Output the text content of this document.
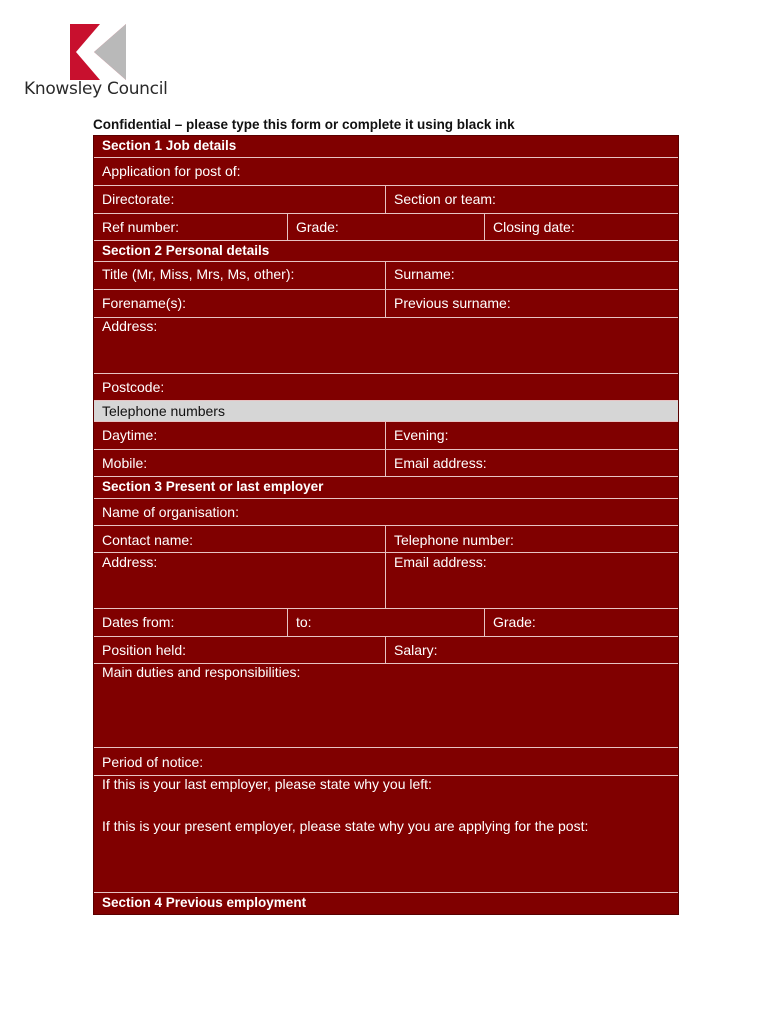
Knowsley Council
Confidential – please type this form or complete it using black ink
Section 1 Job details
Application for post of:
Directorate:	Section or team:
Ref number:	Grade:	Closing date:
Section 2 Personal details
Title (Mr, Miss, Mrs, Ms, other):	Surname:
Forename(s):	Previous surname:
Address:
Postcode:
Telephone numbers
Daytime:	Evening:
Mobile:	Email address:
Section 3 Present or last employer
Name of organisation:
Contact name:	Telephone number:
Address:	Email address:
Dates from:	to:	Grade:
Position held:	Salary:
Main duties and responsibilities:
Period of notice:
If this is your last employer, please state why you left:
If this is your present employer, please state why you are applying for the post:
Section 4 Previous employment
